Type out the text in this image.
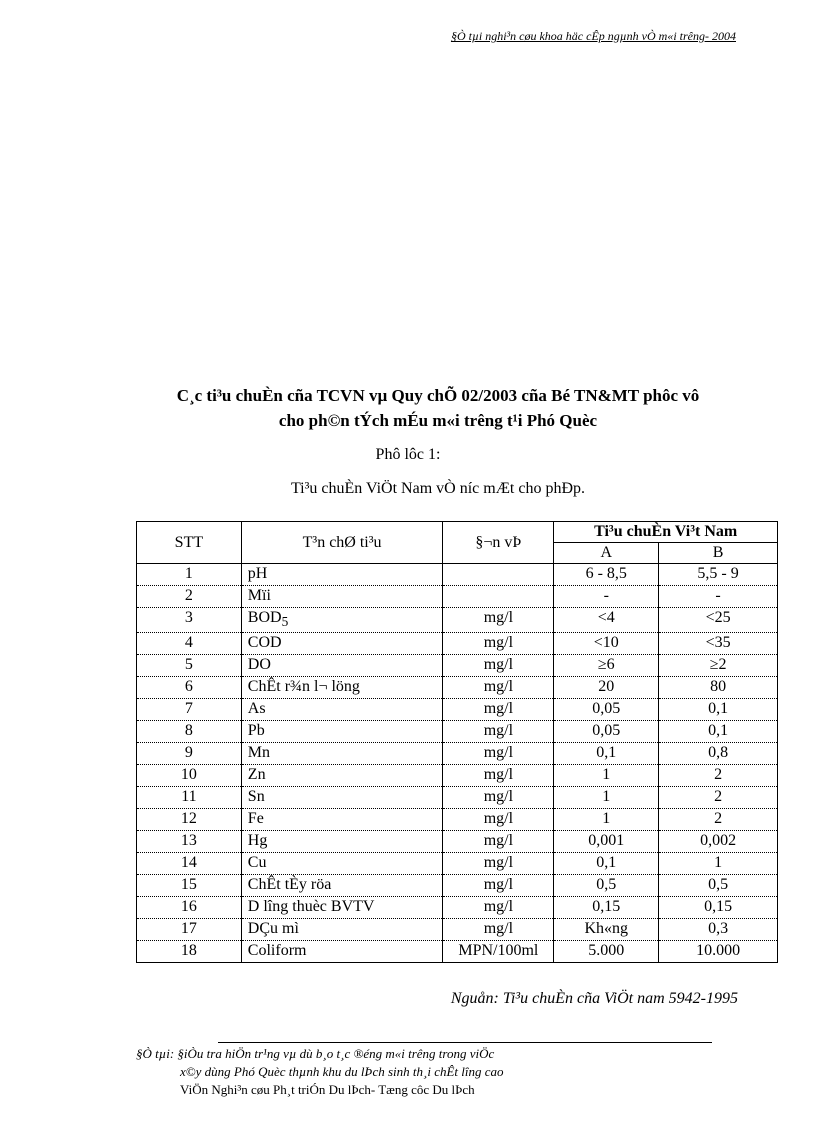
§Ò tµi nghi³n cøu khoa häc cÊp ngµnh vÒ m«i trêng- 2004
C¸c ti³u chuÈn cña TCVN vµ Quy chÕ 02/2003 cña Bé TN&MT phôc vô
cho ph©n tÝch mÉu m«i trêng t¹i Phó Quèc
Phô lôc 1:
Ti³u chuÈn ViÖt Nam vÒ níc mÆt cho phÐp.
STT	T³n chØ ti³u	§¬n vÞ	Ti³u chuÈn Vi³t Nam	
			A	B
1	pH		6 - 8,5	5,5 - 9
2	Mïi		-	-
3	$BOD_5$	mg/l	<4	<25
4	COD	mg/l	<10	<35
5	DO	mg/l	≥6	≥2
6	ChÊt r¾n l¬ löng	mg/l	20	80
7	As	mg/l	0,05	0,1
8	Pb	mg/l	0,05	0,1
9	Mn	mg/l	0,1	0,8
10	Zn	mg/l	1	2
11	Sn	mg/l	1	2
12	Fe	mg/l	1	2
13	Hg	mg/l	0,001	0,002
14	Cu	mg/l	0,1	1
15	ChÊt tÈy röa	mg/l	0,5	0,5
16	D lîng thuèc BVTV	mg/l	0,15	0,15
17	DÇu mì	mg/l	Kh«ng	0,3
18	Coliform	MPN/100ml	5.000	10.000
Nguån: Ti³u chuÈn cña ViÖt nam 5942-1995
§Ò tµi: §iÒu tra hiÖn tr¹ng vµ dù b¸o t¸c ®éng m«i trêng trong viÖc
x©y dùng Phó Quèc thµnh khu du lÞch sinh th¸i chÊt lîng cao
ViÖn Nghi³n cøu Ph¸t triÓn Du lÞch- Tæng côc Du lÞch
